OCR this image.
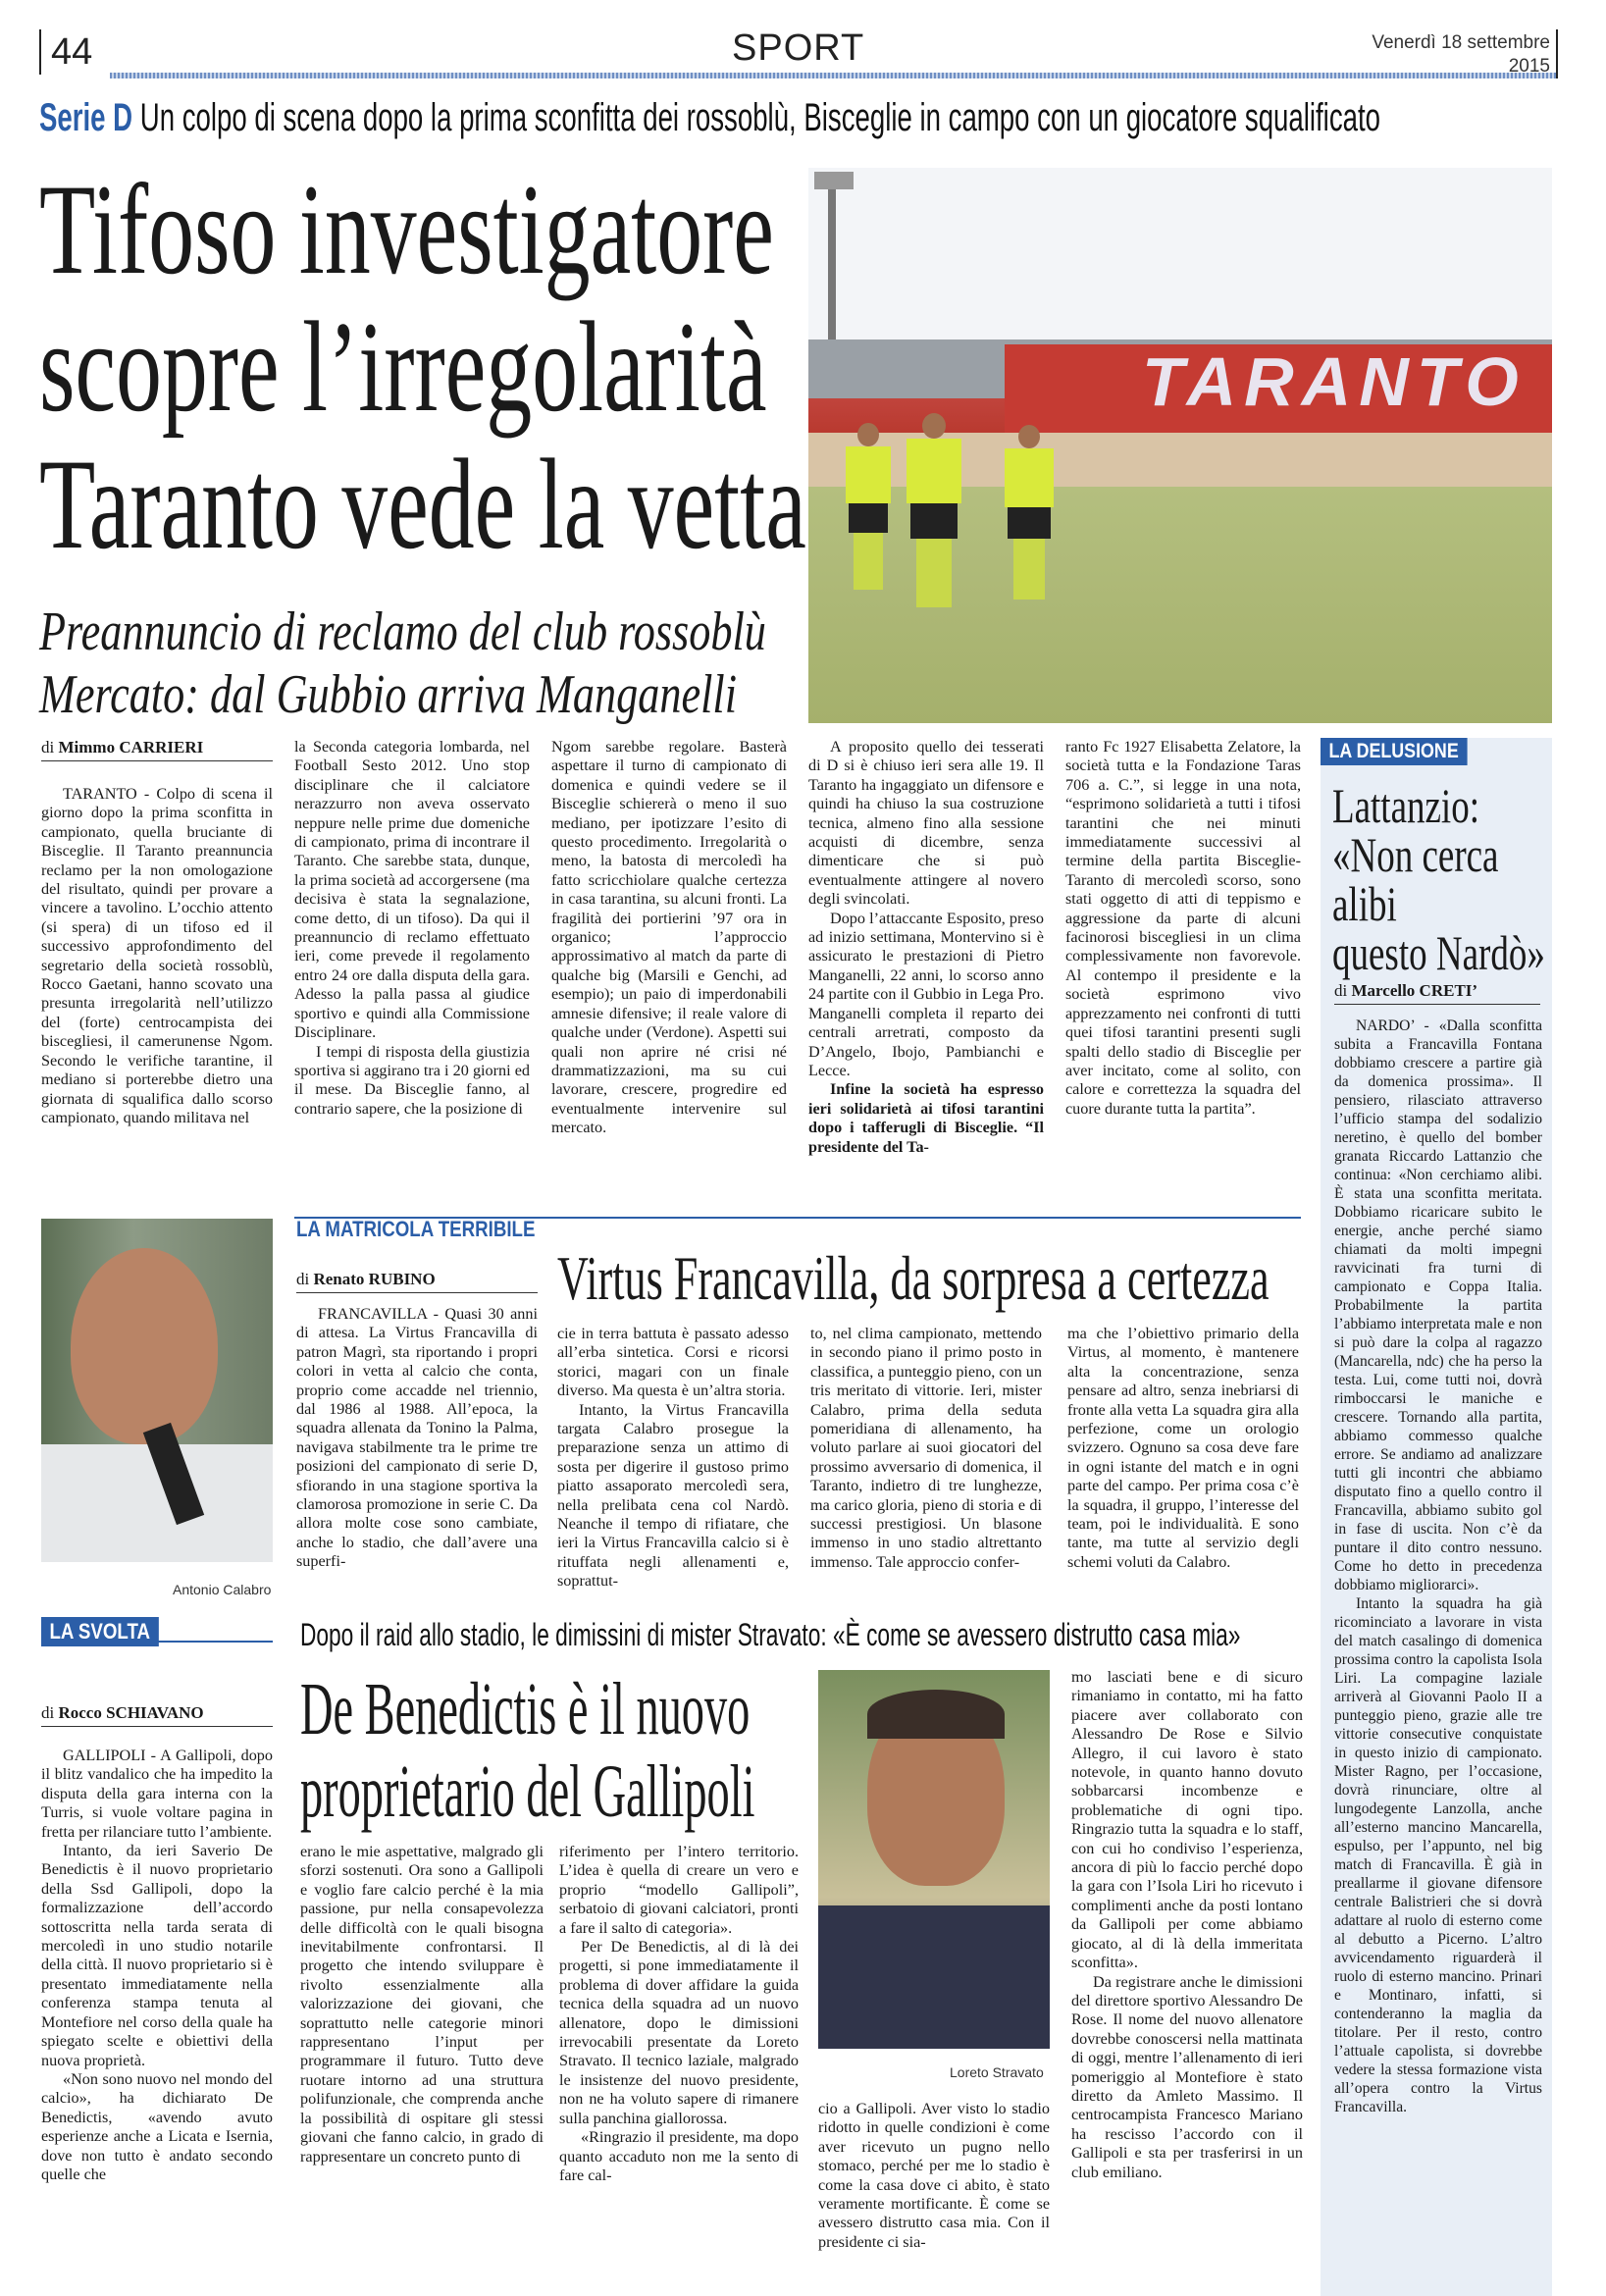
44	SPORT	Venerdì 18 settembre
2015
Serie D Un colpo di scena dopo la prima sconfitta dei rossoblù, Bisceglie in campo con un giocatore squalificato
Tifoso investigatore
scopre l’irregolarità
Taranto vede la vetta
Preannuncio di reclamo del club rossoblù
Mercato: dal Gubbio arriva Manganelli
TARANTO
di Mimmo CARRIERI

TARANTO - Colpo di scena il giorno dopo la prima sconfitta in campionato, quella bruciante di Bisceglie. Il Taranto preannuncia reclamo per la non omologazione del risultato, quindi per provare a vincere a tavolino. L’occhio attento (si spera) di un tifoso ed il successivo approfondimento del segretario della società rossoblù, Rocco Gaetani, hanno scovato una presunta irregolarità nell’utilizzo del (forte) centrocampista dei biscegliesi, il camerunense Ngom. Secondo le verifiche tarantine, il mediano si porterebbe dietro una giornata di squalifica dallo scorso campionato, quando militava nel

la Seconda categoria lombarda, nel Football Sesto 2012. Uno stop disciplinare che il calciatore nerazzurro non aveva osservato neppure nelle prime due domeniche di campionato, prima di incontrare il Taranto. Che sarebbe stata, dunque, la prima società ad accorgersene (ma decisiva è stata la segnalazione, come detto, di un tifoso). Da qui il preannuncio di reclamo effettuato ieri, come prevede il regolamento entro 24 ore dalla disputa della gara. Adesso la palla passa al giudice sportivo e quindi alla Commissione Disciplinare.

I tempi di risposta della giustizia sportiva si aggirano tra i 20 giorni ed il mese. Da Bisceglie fanno, al contrario sapere, che la posizione di

Ngom sarebbe regolare. Basterà aspettare il turno di campionato di domenica e quindi vedere se il Bisceglie schiererà o meno il suo mediano, per ipotizzare l’esito di questo procedimento. Irregolarità o meno, la batosta di mercoledì ha fatto scricchiolare qualche certezza in casa tarantina, su alcuni fronti. La fragilità dei portierini ’97 ora in organico; l’approccio approssimativo al match da parte di qualche big (Marsili e Genchi, ad esempio); un paio di imperdonabili amnesie difensive; il reale valore di qualche under (Verdone). Aspetti sui quali non aprire né crisi né drammatizzazioni, ma su cui lavorare, crescere, progredire ed eventualmente intervenire sul mercato.

A proposito quello dei tesserati di D si è chiuso ieri sera alle 19. Il Taranto ha ingaggiato un difensore e quindi ha chiuso la sua costruzione tecnica, almeno fino alla sessione acquisti di dicembre, senza dimenticare che si può eventualmente attingere al novero degli svincolati.

Dopo l’attaccante Esposito, preso ad inizio settimana, Montervino si è assicurato le prestazioni di Pietro Manganelli, 22 anni, lo scorso anno 24 partite con il Gubbio in Lega Pro. Manganelli completa il reparto dei centrali arretrati, composto da D’Angelo, Ibojo, Pambianchi e Lecce.

Infine la società ha espresso ieri solidarietà ai tifosi tarantini dopo i tafferugli di Bisceglie. “Il presidente del Ta-

ranto Fc 1927 Elisabetta Zelatore, la società tutta e la Fondazione Taras 706 a. C.”, si legge in una nota, “esprimono solidarietà a tutti i tifosi tarantini che nei minuti immediatamente successivi al termine della partita Bisceglie-Taranto di mercoledì scorso, sono stati oggetto di atti di teppismo e aggressione da parte di alcuni facinorosi biscegliesi in un clima complessivamente non favorevole. Al contempo il presidente e la società esprimono vivo apprezzamento nei confronti di tutti quei tifosi tarantini presenti sugli spalti dello stadio di Bisceglie per aver incitato, come al solito, con calore e correttezza la squadra del cuore durante tutta la partita”.

LA DELUSIONE
Lattanzio:
«Non cerca
alibi
questo Nardò»
di Marcello CRETI’

NARDO’ - «Dalla sconfitta subita a Francavilla Fontana dobbiamo crescere a partire già da domenica prossima». Il pensiero, rilasciato attraverso l’ufficio stampa del sodalizio neretino, è quello del bomber granata Riccardo Lattanzio che continua: «Non cerchiamo alibi. È stata una sconfitta meritata. Dobbiamo ricaricare subito le energie, anche perché siamo chiamati da molti impegni ravvicinati fra turni di campionato e Coppa Italia. Probabilmente la partita l’abbiamo interpretata male e non si può dare la colpa al ragazzo (Mancarella, ndc) che ha perso la testa. Lui, come tutti noi, dovrà rimboccarsi le maniche e crescere. Tornando alla partita, abbiamo commesso qualche errore. Se andiamo ad analizzare tutti gli incontri che abbiamo disputato fino a quello contro il Francavilla, abbiamo subito gol in fase di uscita. Non c’è da puntare il dito contro nessuno. Come ho detto in precedenza dobbiamo migliorarci».

Intanto la squadra ha già ricominciato a lavorare in vista del match casalingo di domenica prossima contro la capolista Isola Liri. La compagine laziale arriverà al Giovanni Paolo II a punteggio pieno, grazie alle tre vittorie consecutive conquistate in questo inizio di campionato. Mister Ragno, per l’occasione, dovrà rinunciare, oltre al lungodegente Lanzolla, anche all’esterno mancino Mancarella, espulso, per l’appunto, nel big match di Francavilla. È già in preallarme il giovane difensore centrale Balistrieri che si dovrà adattare al ruolo di esterno come al debutto a Picerno. L’altro avvicendamento riguarderà il ruolo di esterno mancino. Prinari e Montinaro, infatti, si contenderanno la maglia da titolare. Per il resto, contro l’attuale capolista, si dovrebbe vedere la stessa formazione vista all’opera contro la Virtus Francavilla.

LA MATRICOLA TERRIBILE
Antonio Calabro
di Renato RUBINO	Virtus Francavilla, da sorpresa a certezza

FRANCAVILLA - Quasi 30 anni di attesa. La Virtus Francavilla di patron Magrì, sta riportando i propri colori in vetta al calcio che conta, proprio come accadde nel triennio, dal 1986 al 1988. All’epoca, la squadra allenata da Tonino la Palma, navigava stabilmente tra le prime tre posizioni del campionato di serie D, sfiorando in una stagione sportiva la clamorosa promozione in serie C. Da allora molte cose sono cambiate, anche lo stadio, che dall’avere una superfi-

cie in terra battuta è passato adesso all’erba sintetica. Corsi e ricorsi storici, magari con un finale diverso. Ma questa è un’altra storia.

Intanto, la Virtus Francavilla targata Calabro prosegue la preparazione senza un attimo di sosta per digerire il gustoso primo piatto assaporato mercoledì sera, nella prelibata cena col Nardò. Neanche il tempo di rifiatare, che ieri la Virtus Francavilla calcio si è rituffata negli allenamenti e, soprattut-

to, nel clima campionato, mettendo in secondo piano il primo posto in classifica, a punteggio pieno, con un tris meritato di vittorie. Ieri, mister Calabro, prima della seduta pomeridiana di allenamento, ha voluto parlare ai suoi giocatori del prossimo avversario di domenica, il Taranto, indietro di tre lunghezze, ma carico gloria, pieno di storia e di successi prestigiosi. Un blasone immenso in uno stadio altrettanto immenso. Tale approccio confer-

ma che l’obiettivo primario della Virtus, al momento, è mantenere alta la concentrazione, senza pensare ad altro, senza inebriarsi di fronte alla vetta La squadra gira alla perfezione, come un orologio svizzero. Ognuno sa cosa deve fare in ogni istante del match e in ogni parte del campo. Per prima cosa c’è la squadra, il gruppo, l’interesse del team, poi le individualità. E sono tante, ma tutte al servizio degli schemi voluti da Calabro.

LA SVOLTA	Dopo il raid allo stadio, le dimissini di mister Stravato: «È come se avessero distrutto casa mia»
De Benedictis è il nuovo
proprietario del Gallipoli
di Rocco SCHIAVANO

GALLIPOLI - A Gallipoli, dopo il blitz vandalico che ha impedito la disputa della gara interna con la Turris, si vuole voltare pagina in fretta per rilanciare tutto l’ambiente.

Intanto, da ieri Saverio De Benedictis è il nuovo proprietario della Ssd Gallipoli, dopo la formalizzazione dell’accordo sottoscritta nella tarda serata di mercoledì in uno studio notarile della città. Il nuovo proprietario si è presentato immediatamente nella conferenza stampa tenuta al Montefiore nel corso della quale ha spiegato scelte e obiettivi della nuova proprietà.

«Non sono nuovo nel mondo del calcio», ha dichiarato De Benedictis, «avendo avuto esperienze anche a Licata e Isernia, dove non tutto è andato secondo quelle che

erano le mie aspettative, malgrado gli sforzi sostenuti. Ora sono a Gallipoli e voglio fare calcio perché è la mia passione, pur nella consapevolezza delle difficoltà con le quali bisogna inevitabilmente confrontarsi. Il progetto che intendo sviluppare è rivolto essenzialmente alla valorizzazione dei giovani, che soprattutto nelle categorie minori rappresentano l’input per programmare il futuro. Tutto deve ruotare intorno ad una struttura polifunzionale, che comprenda anche la possibilità di ospitare gli stessi giovani che fanno calcio, in grado di rappresentare un concreto punto di

riferimento per l’intero territorio. L’idea è quella di creare un vero e proprio “modello Gallipoli”, serbatoio di giovani calciatori, pronti a fare il salto di categoria».

Per De Benedictis, al di là dei progetti, si pone immediatamente il problema di dover affidare la guida tecnica della squadra ad un nuovo allenatore, dopo le dimissioni irrevocabili presentate da Loreto Stravato. Il tecnico laziale, malgrado le insistenze del nuovo presidente, non ne ha voluto sapere di rimanere sulla panchina giallorossa.

«Ringrazio il presidente, ma dopo quanto accaduto non me la sento di fare cal-

Loreto Stravato

cio a Gallipoli. Aver visto lo stadio ridotto in quelle condizioni è come aver ricevuto un pugno nello stomaco, perché per me lo stadio è come la casa dove ci abito, è stato veramente mortificante. È come se avessero distrutto casa mia. Con il presidente ci sia-

mo lasciati bene e di sicuro rimaniamo in contatto, mi ha fatto piacere aver collaborato con Alessandro De Rose e Silvio Allegro, il cui lavoro è stato notevole, in quanto hanno dovuto sobbarcarsi incombenze e problematiche di ogni tipo. Ringrazio tutta la squadra e lo staff, con cui ho condiviso l’esperienza, ancora di più lo faccio perché dopo la gara con l’Isola Liri ho ricevuto i complimenti anche da posti lontano da Gallipoli per come abbiamo giocato, al di là della immeritata sconfitta».

Da registrare anche le dimissioni del direttore sportivo Alessandro De Rose. Il nome del nuovo allenatore dovrebbe conoscersi nella mattinata di oggi, mentre l’allenamento di ieri pomeriggio al Montefiore è stato diretto da Amleto Massimo. Il centrocampista Francesco Mariano ha rescisso l’accordo con il Gallipoli e sta per trasferirsi in un club emiliano.
